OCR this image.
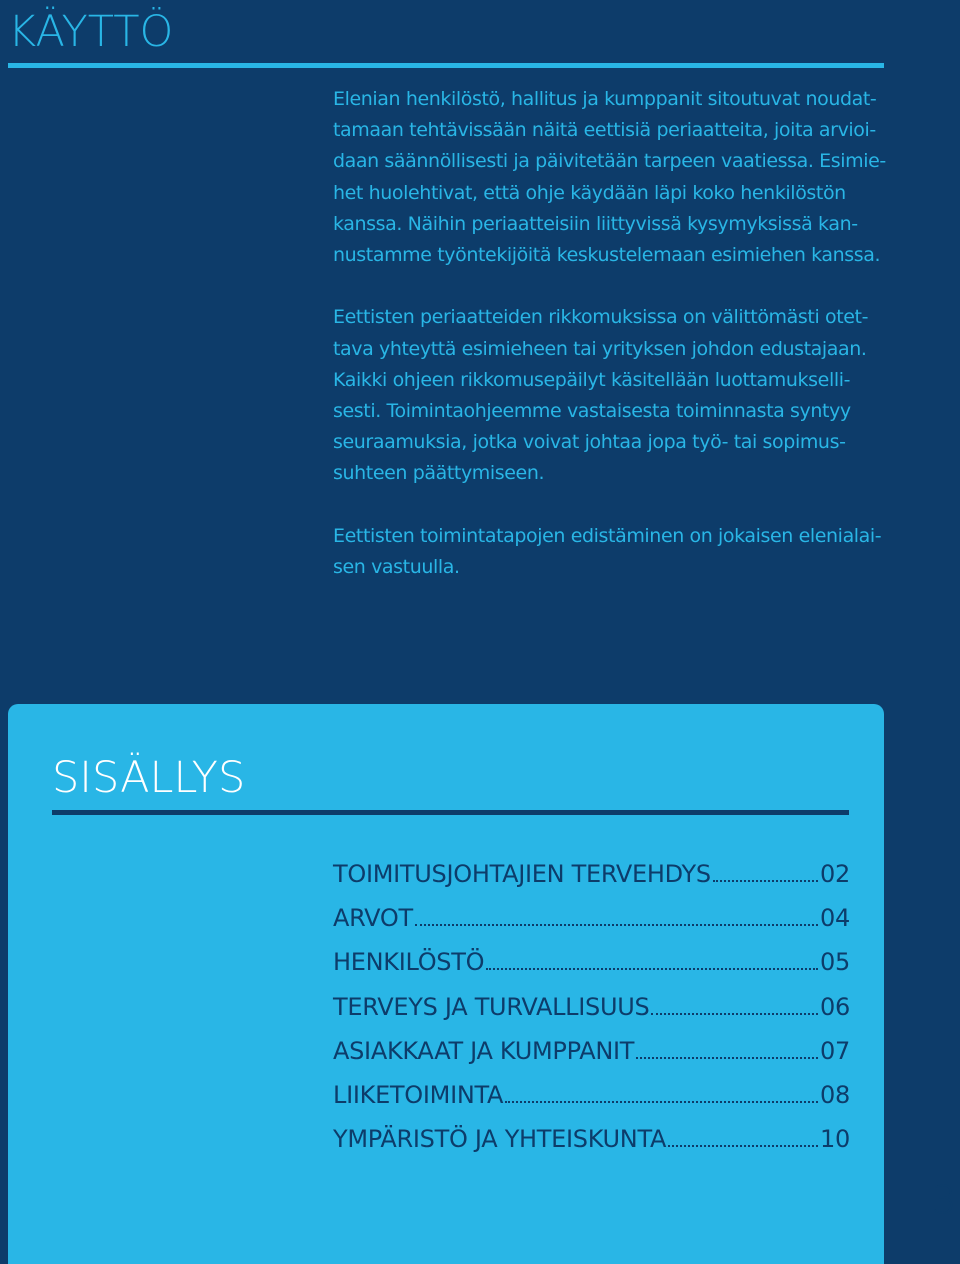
KÄYTTÖ

Elenian henkilöstö, hallitus ja kumppanit sitoutuvat noudat-
tamaan tehtävissään näitä eettisiä periaatteita, joita arvioi-
daan säännöllisesti ja päivitetään tarpeen vaatiessa. Esimie-
het huolehtivat, että ohje käydään läpi koko henkilöstön
kanssa. Näihin periaatteisiin liittyvissä kysymyksissä kan-
nustamme työntekijöitä keskustelemaan esimiehen kanssa.

Eettisten periaatteiden rikkomuksissa on välittömästi otet-
tava yhteyttä esimieheen tai yrityksen johdon edustajaan.
Kaikki ohjeen rikkomusepäilyt käsitellään luottamukselli-
sesti. Toimintaohjeemme vastaisesta toiminnasta syntyy
seuraamuksia, jotka voivat johtaa jopa työ- tai sopimus-
suhteen päättymiseen.

Eettisten toimintatapojen edistäminen on jokaisen elenialai-
sen vastuulla.

SISÄLLYS
TOIMITUSJOHTAJIEN TERVEHDYS	02
ARVOT	04
HENKILÖSTÖ	05
TERVEYS JA TURVALLISUUS	06
ASIAKKAAT JA KUMPPANIT	07
LIIKETOIMINTA	08
YMPÄRISTÖ JA YHTEISKUNTA	10
3
